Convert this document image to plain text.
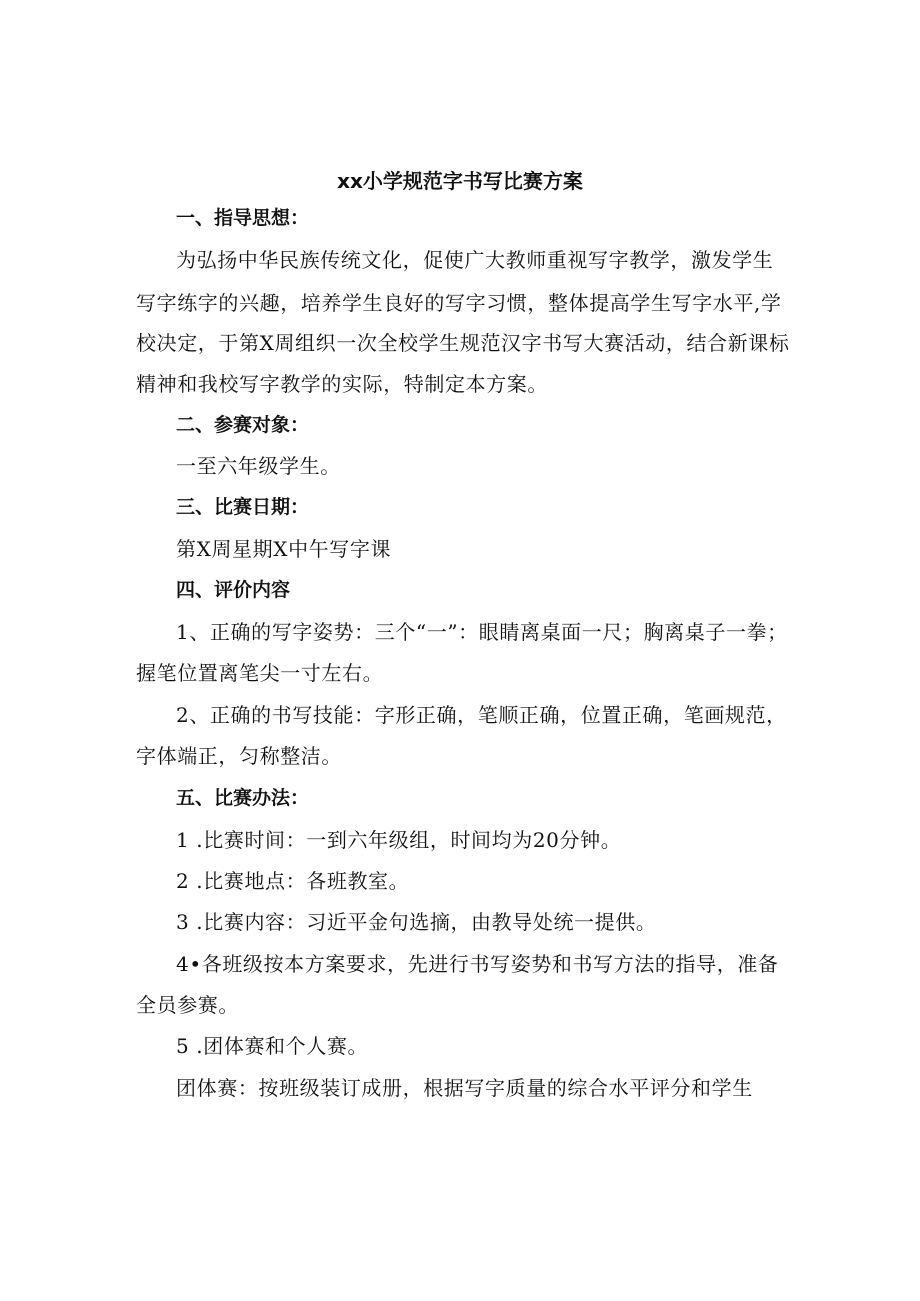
xx小学规范字书写比赛方案
一、指导思想：
为弘扬中华民族传统文化，促使广大教师重视写字教学，激发学生
写字练字的兴趣，培养学生良好的写字习惯，整体提高学生写字水平,学
校决定，于第X周组织一次全校学生规范汉字书写大赛活动，结合新课标
精神和我校写字教学的实际，特制定本方案。
二、参赛对象：
一至六年级学生。
三、比赛日期：
第X周星期X中午写字课
四、评价内容
1、正确的写字姿势：三个“一”：眼睛离桌面一尺；胸离桌子一拳；
握笔位置离笔尖一寸左右。
2、正确的书写技能：字形正确，笔顺正确，位置正确，笔画规范，
字体端正，匀称整洁。
五、比赛办法：
1 .比赛时间：一到六年级组，时间均为20分钟。
2 .比赛地点：各班教室。
3 .比赛内容：习近平金句选摘，由教导处统一提供。
4•各班级按本方案要求，先进行书写姿势和书写方法的指导，准备
全员参赛。
5 .团体赛和个人赛。
团体赛：按班级装订成册，根据写字质量的综合水平评分和学生
